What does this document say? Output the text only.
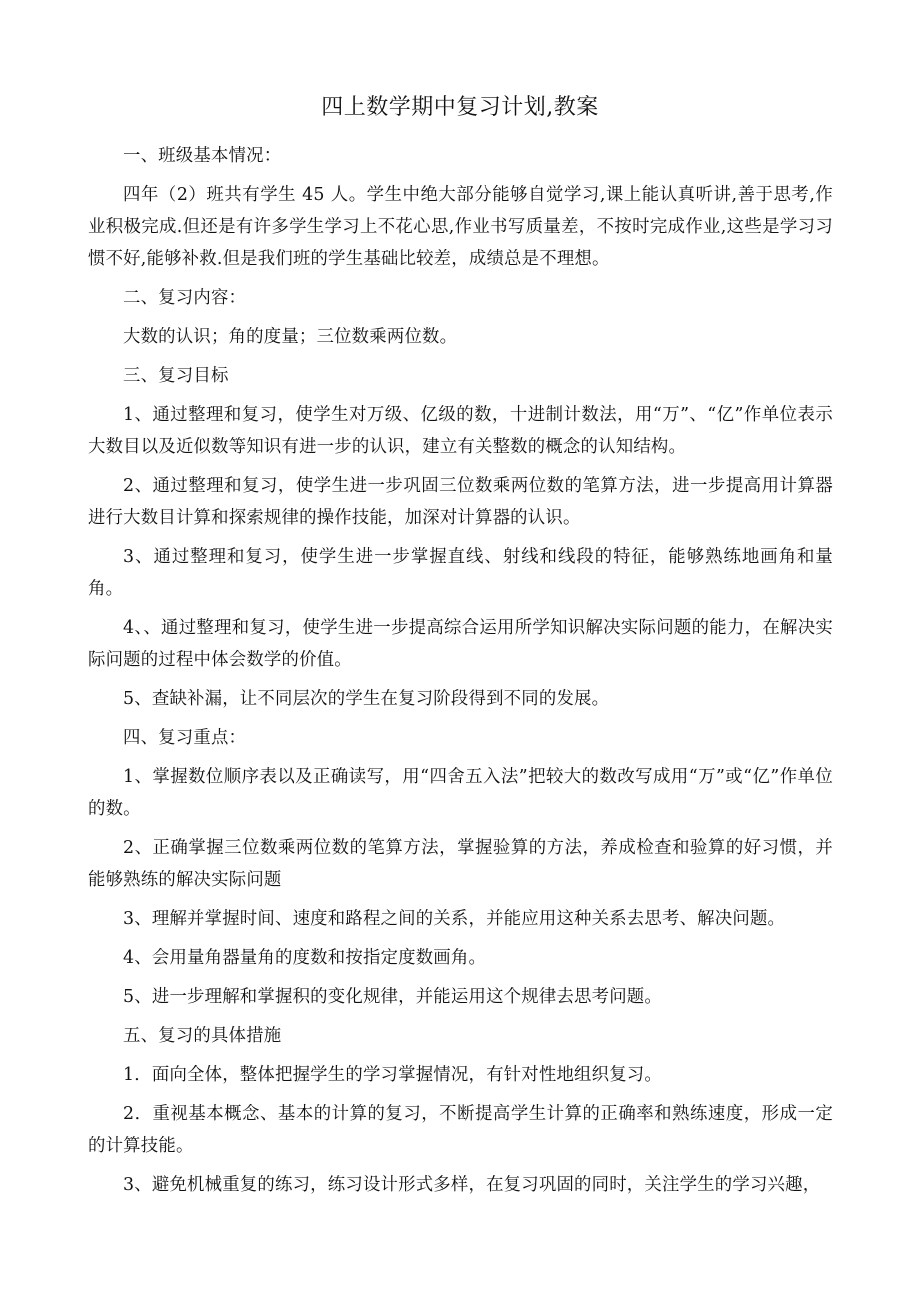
四上数学期中复习计划,教案

一、班级基本情况：

四年（2）班共有学生 45 人。学生中绝大部分能够自觉学习,课上能认真听讲,善于思考,作业积极完成.但还是有许多学生学习上不花心思,作业书写质量差，不按时完成作业,这些是学习习惯不好,能够补救.但是我们班的学生基础比较差，成绩总是不理想。

二、复习内容：

大数的认识；角的度量；三位数乘两位数。

三、复习目标

1、通过整理和复习，使学生对万级、亿级的数，十进制计数法，用“万”、“亿”作单位表示大数目以及近似数等知识有进一步的认识，建立有关整数的概念的认知结构。

2、通过整理和复习，使学生进一步巩固三位数乘两位数的笔算方法，进一步提高用计算器进行大数目计算和探索规律的操作技能，加深对计算器的认识。

3、通过整理和复习，使学生进一步掌握直线、射线和线段的特征，能够熟练地画角和量角。

4、、通过整理和复习，使学生进一步提高综合运用所学知识解决实际问题的能力，在解决实际问题的过程中体会数学的价值。

5、查缺补漏，让不同层次的学生在复习阶段得到不同的发展。

四、复习重点：

1、掌握数位顺序表以及正确读写，用“四舍五入法”把较大的数改写成用“万”或“亿”作单位的数。

2、正确掌握三位数乘两位数的笔算方法，掌握验算的方法，养成检查和验算的好习惯，并能够熟练的解决实际问题

3、理解并掌握时间、速度和路程之间的关系，并能应用这种关系去思考、解决问题。

4、会用量角器量角的度数和按指定度数画角。

5、进一步理解和掌握积的变化规律，并能运用这个规律去思考问题。

五、复习的具体措施

1．面向全体，整体把握学生的学习掌握情况，有针对性地组织复习。

2．重视基本概念、基本的计算的复习，不断提高学生计算的正确率和熟练速度，形成一定的计算技能。

3、避免机械重复的练习，练习设计形式多样，在复习巩固的同时，关注学生的学习兴趣，
